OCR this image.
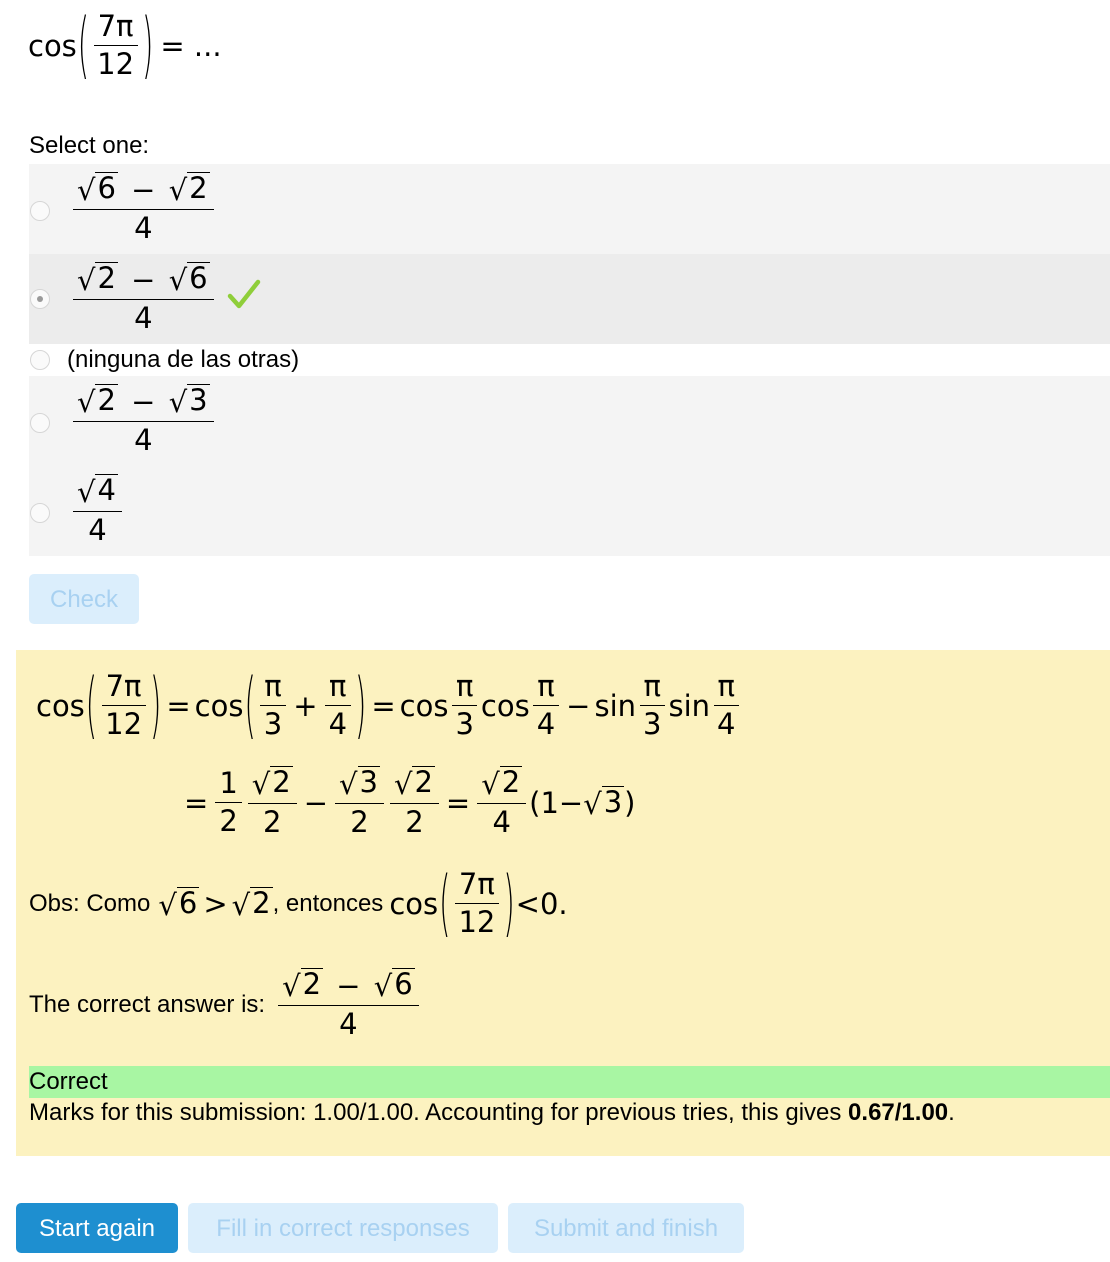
cos ( $\frac{7\pi}{12}$ ) = ...
Select one:
$\frac{√ 6 - √ 2}{4}$
$\frac{√ 2 - √ 6}{4}$
(ninguna de las otras)
$\frac{√ 2 - √ 3}{4}$
$\frac{√ 4}{4}$
Check
cos ( $\frac{7\pi}{12}$ ) = cos ( $\frac{\pi}{3} + \frac{\pi}{4}$ ) = $\cos \frac{\pi}{3}$ $\cos \frac{\pi}{4} - \sin \frac{\pi}{3}$ $\sin \frac{\pi}{4}$
= $\frac{1}{2} \frac{√ 2}{2} - \frac{√ 3}{2} \frac{√ 2}{2} = \frac{√ 2}{4} (1-$ √ 3 )
Obs: Como √ 6 > √ 2 , entonces cos ( $\frac{7\pi}{12}$ ) <0.
The correct answer is: $\frac{√ 2 - √ 6}{4}$
Correct
Marks for this submission: 1.00/1.00. Accounting for previous tries, this gives 0.67/1.00.
Start again	Fill in correct responses	Submit and finish
